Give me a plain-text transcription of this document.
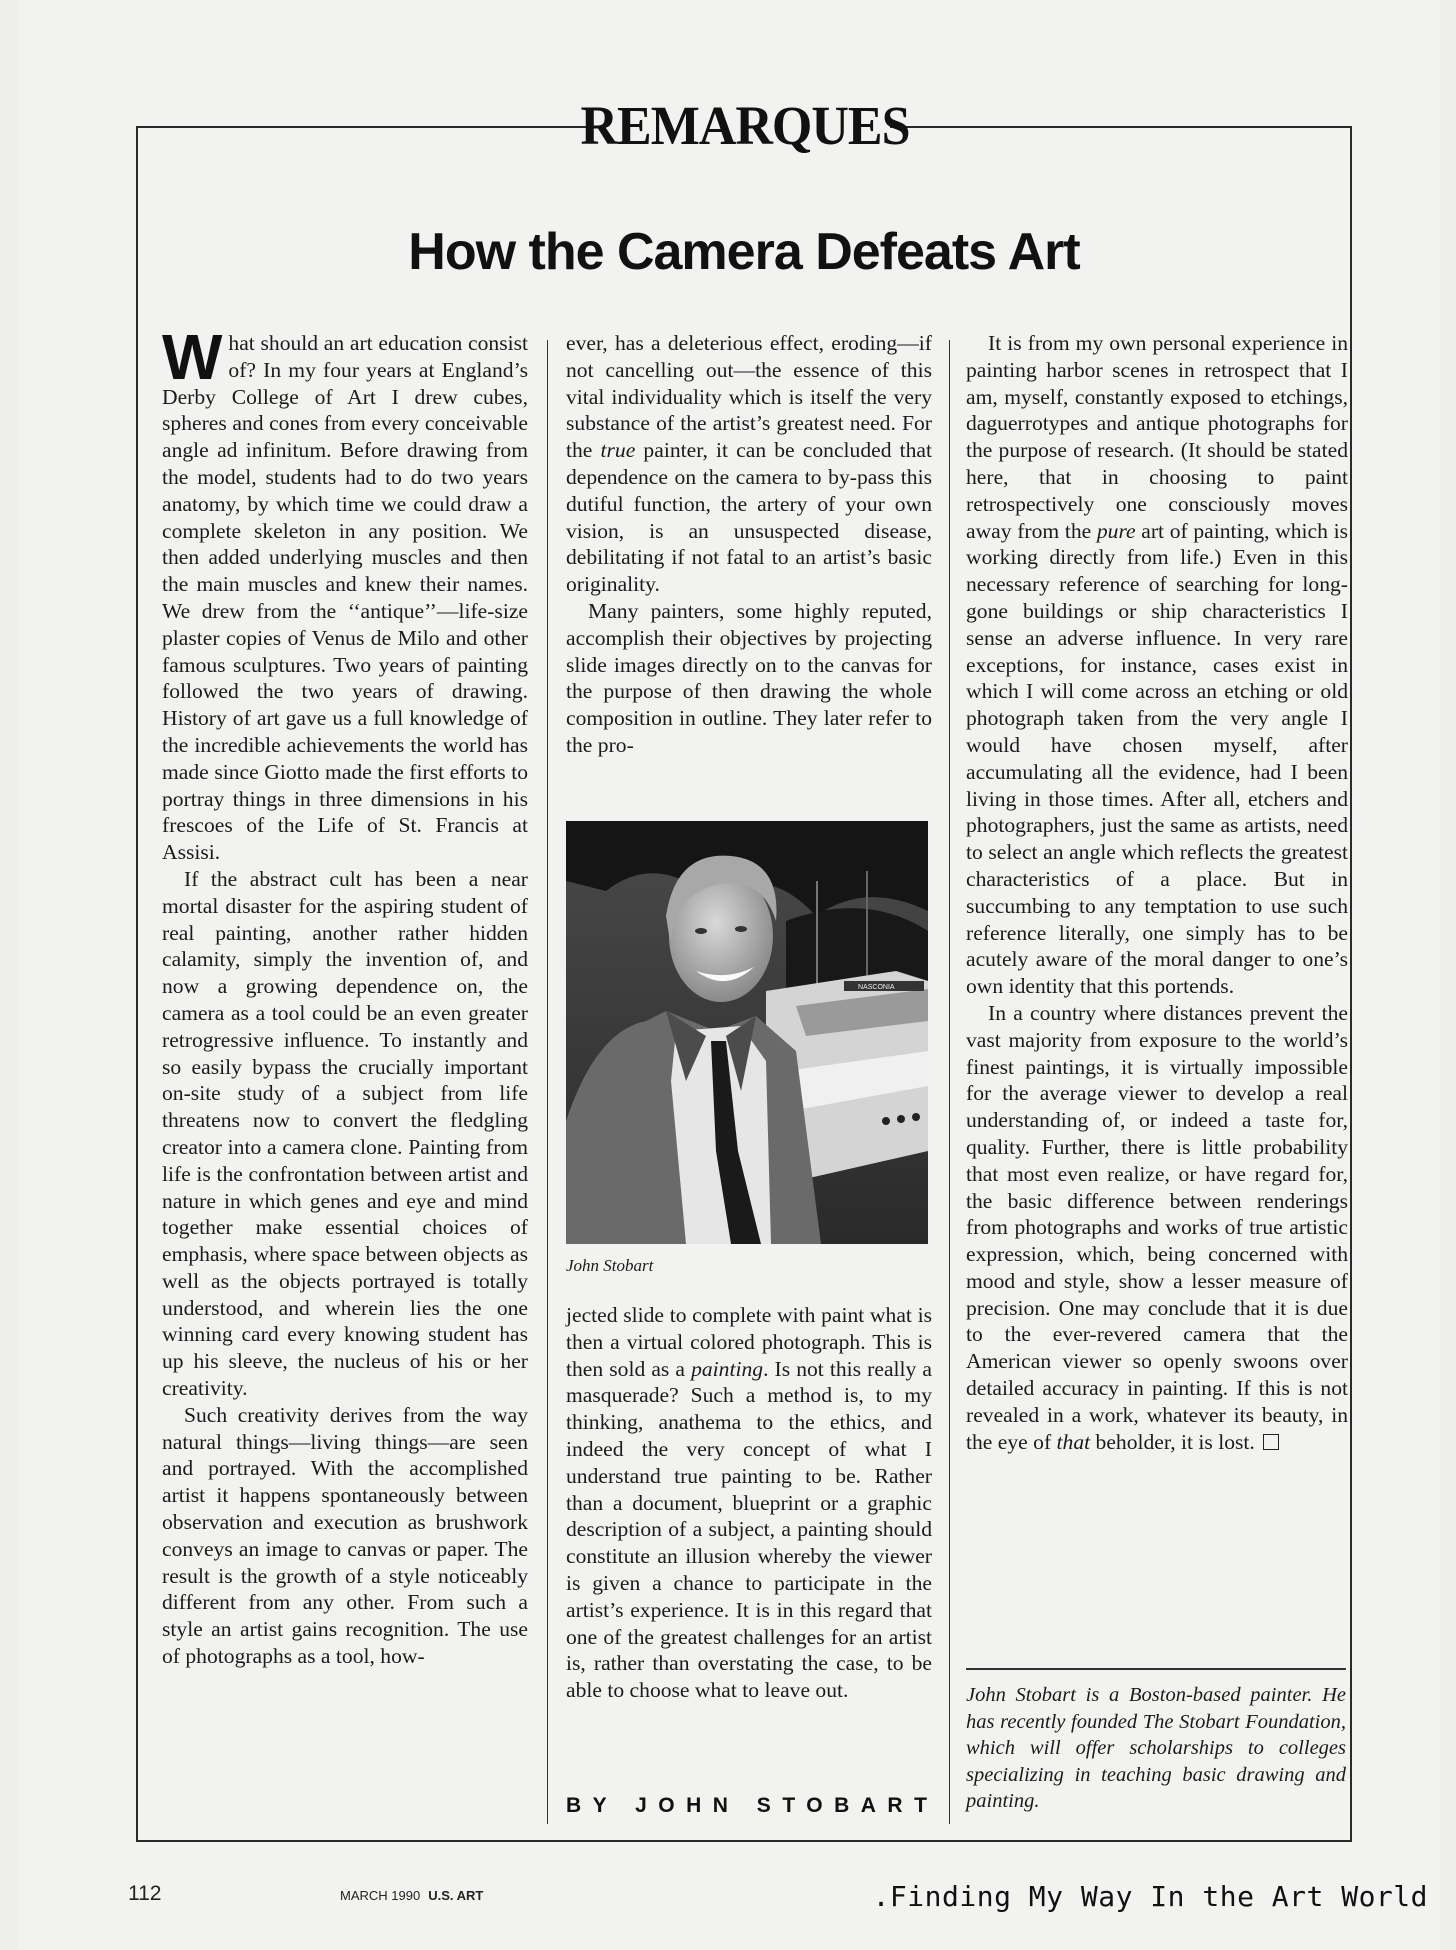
REMARQUES
How the Camera Defeats Art

What should an art education consist of? In my four years at England’s Derby College of Art I drew cubes, spheres and cones from every conceivable angle ad infinitum. Before drawing from the model, students had to do two years anatomy, by which time we could draw a complete skeleton in any position. We then added underlying muscles and then the main muscles and knew their names. We drew from the ‘‘antique’’—life-size plaster copies of Venus de Milo and other famous sculptures. Two years of painting followed the two years of drawing. History of art gave us a full knowledge of the incredible achievements the world has made since Giotto made the first efforts to portray things in three dimensions in his frescoes of the Life of St. Francis at Assisi.

If the abstract cult has been a near mortal disaster for the aspiring student of real painting, another rather hidden calamity, simply the invention of, and now a growing dependence on, the camera as a tool could be an even greater retrogressive influence. To instantly and so easily bypass the crucially important on-site study of a subject from life threatens now to convert the fledgling creator into a camera clone. Painting from life is the confrontation between artist and nature in which genes and eye and mind together make essential choices of emphasis, where space between objects as well as the objects portrayed is totally understood, and wherein lies the one winning card every knowing student has up his sleeve, the nucleus of his or her creativity.

Such creativity derives from the way natural things—living things—are seen and portrayed. With the accomplished artist it happens spontaneously between observation and execution as brushwork conveys an image to canvas or paper. The result is the growth of a style noticeably different from any other. From such a style an artist gains recognition. The use of photographs as a tool, how-

ever, has a deleterious effect, eroding—if not cancelling out—the essence of this vital individuality which is itself the very substance of the artist’s greatest need. For the true painter, it can be concluded that dependence on the camera to by-pass this dutiful function, the artery of your own vision, is an unsuspected disease, debilitating if not fatal to an artist’s basic originality.

Many painters, some highly reputed, accomplish their objectives by projecting slide images directly on to the canvas for the purpose of then drawing the whole composition in outline. They later refer to the pro-

NASCONIA
John Stobart

jected slide to complete with paint what is then a virtual colored photograph. This is then sold as a painting. Is not this really a masquerade? Such a method is, to my thinking, anathema to the ethics, and indeed the very concept of what I understand true painting to be. Rather than a document, blueprint or a graphic description of a subject, a painting should constitute an illusion whereby the viewer is given a chance to participate in the artist’s experience. It is in this regard that one of the greatest challenges for an artist is, rather than overstating the case, to be able to choose what to leave out.

BY JOHN STOBART

It is from my own personal experience in painting harbor scenes in retrospect that I am, myself, constantly exposed to etchings, daguerrotypes and antique photographs for the purpose of research. (It should be stated here, that in choosing to paint retrospectively one consciously moves away from the pure art of painting, which is working directly from life.) Even in this necessary reference of searching for long-gone buildings or ship characteristics I sense an adverse influence. In very rare exceptions, for instance, cases exist in which I will come across an etching or old photograph taken from the very angle I would have chosen myself, after accumulating all the evidence, had I been living in those times. After all, etchers and photographers, just the same as artists, need to select an angle which reflects the greatest characteristics of a place. But in succumbing to any temptation to use such reference literally, one simply has to be acutely aware of the moral danger to one’s own identity that this portends.

In a country where distances prevent the vast majority from exposure to the world’s finest paintings, it is virtually impossible for the average viewer to develop a real understanding of, or indeed a taste for, quality. Further, there is little probability that most even realize, or have regard for, the basic difference between renderings from photographs and works of true artistic expression, which, being concerned with mood and style, show a lesser measure of precision. One may conclude that it is due to the ever-revered camera that the American viewer so openly swoons over detailed accuracy in painting. If this is not revealed in a work, whatever its beauty, in the eye of that beholder, it is lost.

John Stobart is a Boston-based painter. He has recently founded The Stobart Foundation, which will offer scholarships to colleges specializing in teaching basic drawing and painting.
112	MARCH 1990 U.S. ART	.Finding My Way In the Art World
